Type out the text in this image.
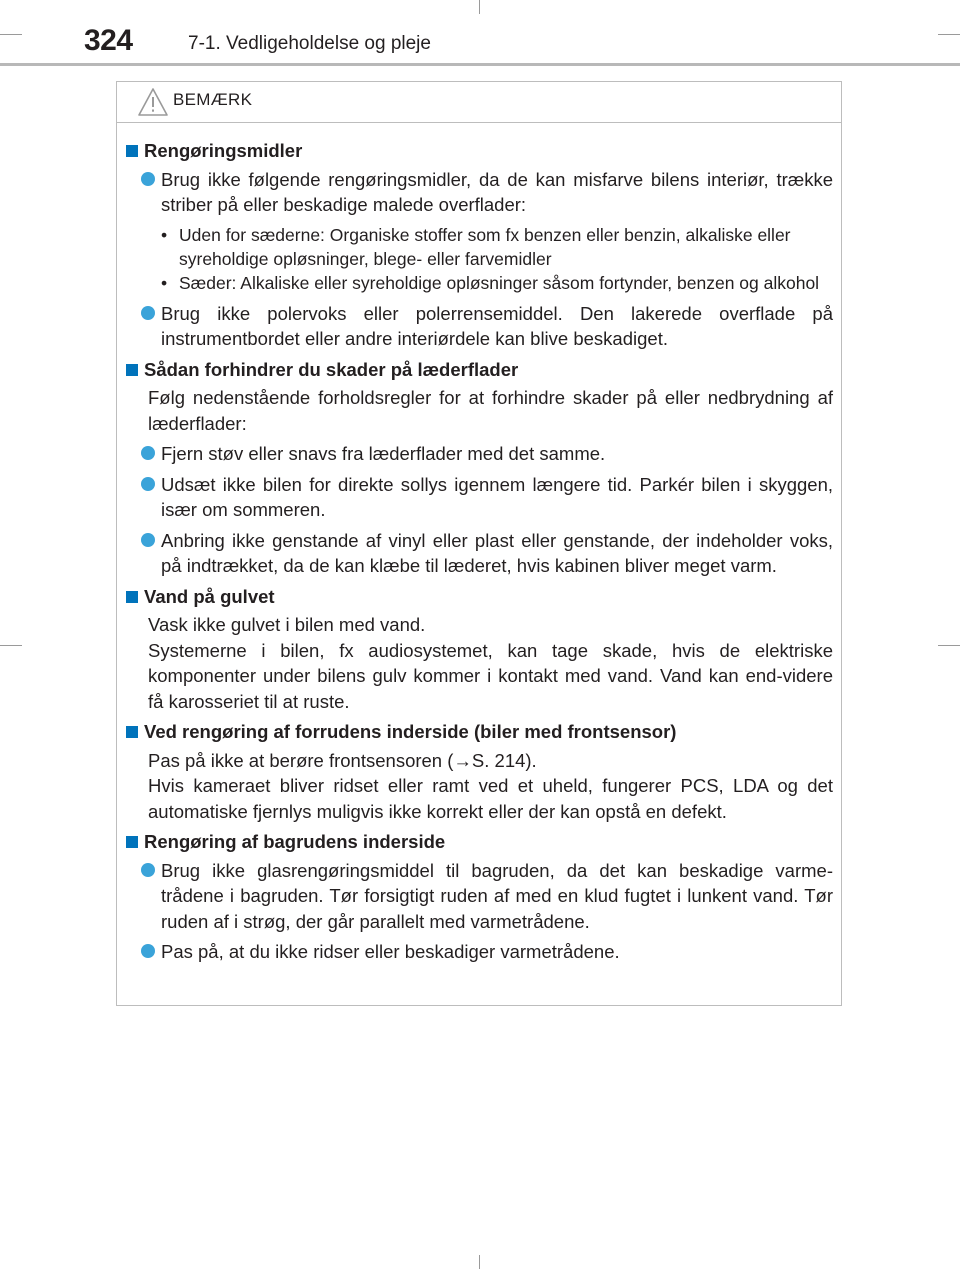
324	7-1. Vedligeholdelse og pleje
BEMÆRK
Rengøringsmidler
Brug ikke følgende rengøringsmidler, da de kan misfarve bilens interiør, trække striber på eller beskadige malede overflader:
• Uden for sæderne: Organiske stoffer som fx benzen eller benzin, alkaliske eller syreholdige opløsninger, blege- eller farvemidler
• Sæder: Alkaliske eller syreholdige opløsninger såsom fortynder, benzen og alkohol
Brug ikke polervoks eller polerrensemiddel. Den lakerede overflade på instrumentbordet eller andre interiørdele kan blive beskadiget.
Sådan forhindrer du skader på læderflader
Følg nedenstående forholdsregler for at forhindre skader på eller nedbrydning af læderflader:
Fjern støv eller snavs fra læderflader med det samme.
Udsæt ikke bilen for direkte sollys igennem længere tid. Parkér bilen i skyggen, især om sommeren.
Anbring ikke genstande af vinyl eller plast eller genstande, der indeholder voks, på indtrækket, da de kan klæbe til læderet, hvis kabinen bliver meget varm.
Vand på gulvet
Vask ikke gulvet i bilen med vand.
Systemerne i bilen, fx audiosystemet, kan tage skade, hvis de elektriske komponenter under bilens gulv kommer i kontakt med vand. Vand kan end-videre få karosseriet til at ruste.
Ved rengøring af forrudens inderside (biler med frontsensor)
Pas på ikke at berøre frontsensoren (→S. 214).
Hvis kameraet bliver ridset eller ramt ved et uheld, fungerer PCS, LDA og det automatiske fjernlys muligvis ikke korrekt eller der kan opstå en defekt.
Rengøring af bagrudens inderside
Brug ikke glasrengøringsmiddel til bagruden, da det kan beskadige varme-trådene i bagruden. Tør forsigtigt ruden af med en klud fugtet i lunkent vand. Tør ruden af i strøg, der går parallelt med varmetrådene.
Pas på, at du ikke ridser eller beskadiger varmetrådene.
